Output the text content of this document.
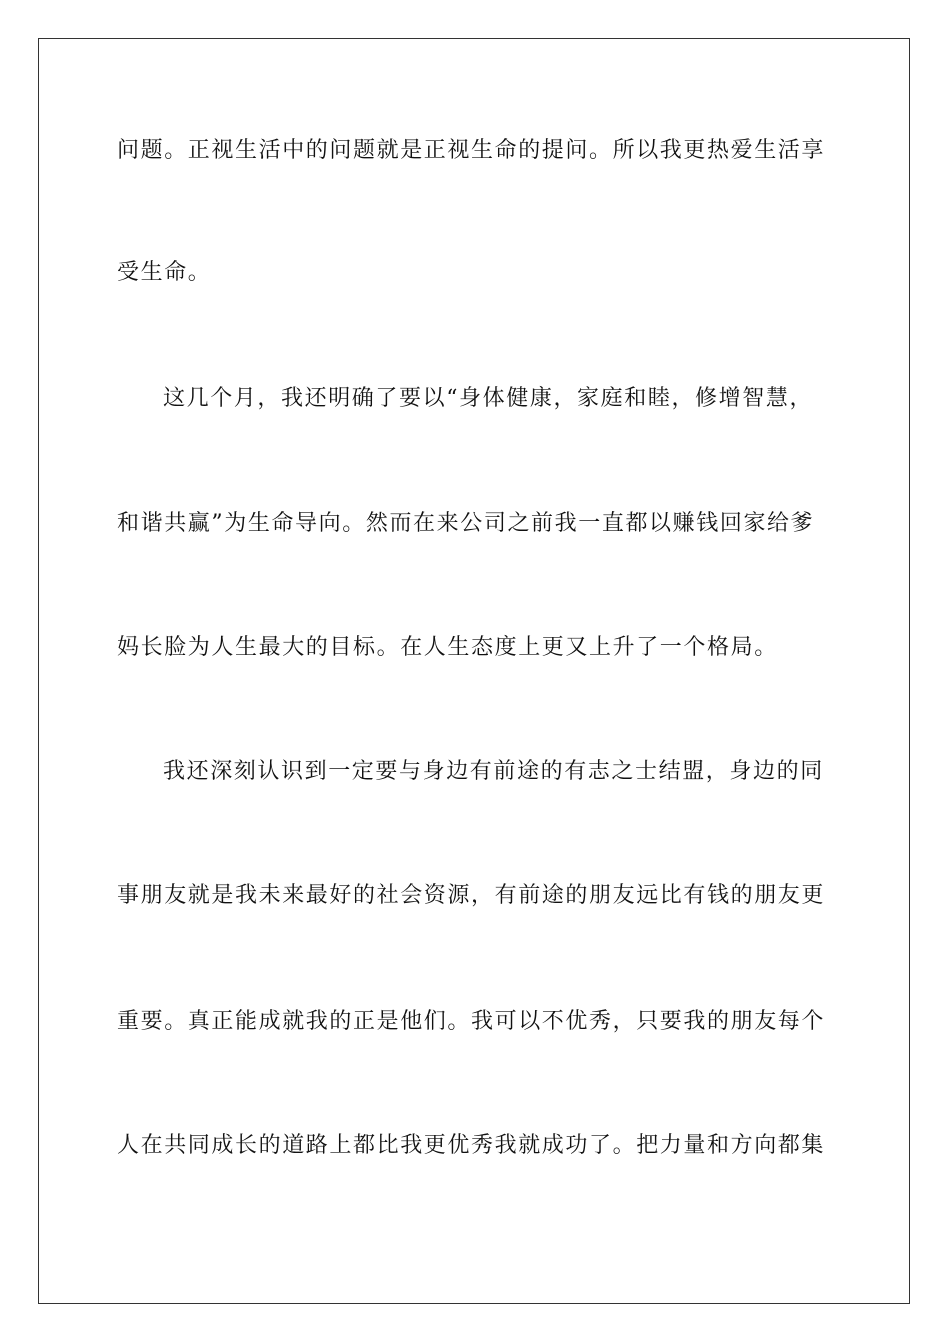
问题。正视生活中的问题就是正视生命的提问。所以我更热爱生活享
受生命。
这几个月，我还明确了要以“身体健康，家庭和睦，修增智慧，
和谐共赢”为生命导向。然而在来公司之前我一直都以赚钱回家给爹
妈长脸为人生最大的目标。在人生态度上更又上升了一个格局。
我还深刻认识到一定要与身边有前途的有志之士结盟，身边的同
事朋友就是我未来最好的社会资源，有前途的朋友远比有钱的朋友更
重要。真正能成就我的正是他们。我可以不优秀，只要我的朋友每个
人在共同成长的道路上都比我更优秀我就成功了。把力量和方向都集
